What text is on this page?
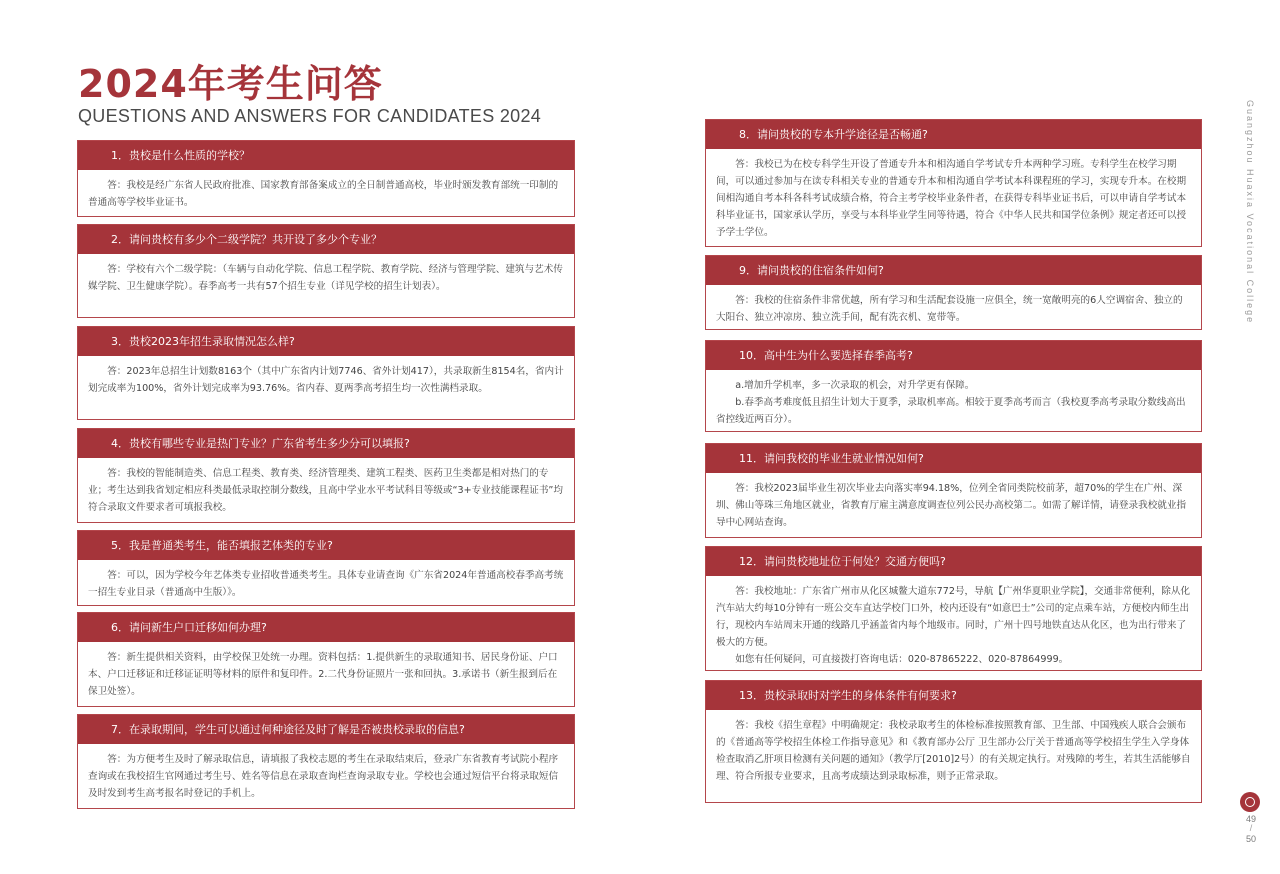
2024年考生问答
QUESTIONS AND ANSWERS FOR CANDIDATES 2024
1．贵校是什么性质的学校？

答：我校是经广东省人民政府批准、国家教育部备案成立的全日制普通高校，毕业时颁发教育部统一印制的普通高等学校毕业证书。

2．请问贵校有多少个二级学院？共开设了多少个专业？

答：学校有六个二级学院：（车辆与自动化学院、信息工程学院、教育学院、经济与管理学院、建筑与艺术传媒学院、卫生健康学院）。春季高考一共有57个招生专业（详见学校的招生计划表）。

3．贵校2023年招生录取情况怎么样?

答：2023年总招生计划数8163个（其中广东省内计划7746、省外计划417），共录取新生8154名，省内计划完成率为100%，省外计划完成率为93.76%。省内春、夏两季高考招生均一次性满档录取。

4．贵校有哪些专业是热门专业？广东省考生多少分可以填报?

答：我校的智能制造类、信息工程类、教育类、经济管理类、建筑工程类、医药卫生类都是相对热门的专业；考生达到我省划定相应科类最低录取控制分数线，且高中学业水平考试科目等级或“3+专业技能课程证书”均符合录取文件要求者可填报我校。

5．我是普通类考生，能否填报艺体类的专业?

答：可以，因为学校今年艺体类专业招收普通类考生。具体专业请查询《广东省2024年普通高校春季高考统一招生专业目录（普通高中生版）》。

6．请问新生户口迁移如何办理?

答：新生提供相关资料，由学校保卫处统一办理。资料包括：1.提供新生的录取通知书、居民身份证、户口本、户口迁移证和迁移证证明等材料的原件和复印件。2.二代身份证照片一张和回执。3.承诺书（新生报到后在保卫处签）。

7．在录取期间，学生可以通过何种途径及时了解是否被贵校录取的信息?

答：为方便考生及时了解录取信息，请填报了我校志愿的考生在录取结束后，登录广东省教育考试院小程序查询或在我校招生官网通过考生号、姓名等信息在录取查询栏查询录取专业。学校也会通过短信平台将录取短信及时发到考生高考报名时登记的手机上。

8．请问贵校的专本升学途径是否畅通?

答：我校已为在校专科学生开设了普通专升本和相沟通自学考试专升本两种学习班。专科学生在校学习期间，可以通过参加与在读专科相关专业的普通专升本和相沟通自学考试本科课程班的学习，实现专升本。在校期间相沟通自考本科各科考试成绩合格，符合主考学校毕业条件者，在获得专科毕业证书后，可以申请自学考试本科毕业证书，国家承认学历，享受与本科毕业学生同等待遇，符合《中华人民共和国学位条例》规定者还可以授予学士学位。

9．请问贵校的住宿条件如何?

答：我校的住宿条件非常优越，所有学习和生活配套设施一应俱全，统一宽敞明亮的6人空调宿舍、独立的大阳台、独立冲凉房、独立洗手间，配有洗衣机、宽带等。

10．高中生为什么要选择春季高考?

a.增加升学机率，多一次录取的机会，对升学更有保障。

b.春季高考难度低且招生计划大于夏季，录取机率高。相较于夏季高考而言（我校夏季高考录取分数线高出省控线近两百分）。

11．请问我校的毕业生就业情况如何?

答：我校2023届毕业生初次毕业去向落实率94.18%，位列全省同类院校前茅，超70%的学生在广州、深圳、佛山等珠三角地区就业，省教育厅雇主满意度调查位列公民办高校第二。如需了解详情，请登录我校就业指导中心网站查询。

12．请问贵校地址位于何处？交通方便吗?

答：我校地址：广东省广州市从化区城鳌大道东772号，导航【广州华夏职业学院】，交通非常便利，除从化汽车站大约每10分钟有一班公交车直达学校门口外，校内还设有“如意巴士”公司的定点乘车站，方便校内师生出行，现校内车站周末开通的线路几乎涵盖省内每个地级市。同时，广州十四号地铁直达从化区，也为出行带来了极大的方便。

如您有任何疑问，可直接拨打咨询电话：020-87865222、020-87864999。

13．贵校录取时对学生的身体条件有何要求?

答：我校《招生章程》中明确规定：我校录取考生的体检标准按照教育部、卫生部、中国残疾人联合会颁布的《普通高等学校招生体检工作指导意见》和《教育部办公厅 卫生部办公厅关于普通高等学校招生学生入学身体检查取消乙肝项目检测有关问题的通知》（教学厅[2010]2号）的有关规定执行。对残障的考生，若其生活能够自理、符合所报专业要求，且高考成绩达到录取标准，则予正常录取。

Guangzhou Huaxia Vocational College
49
/
50
